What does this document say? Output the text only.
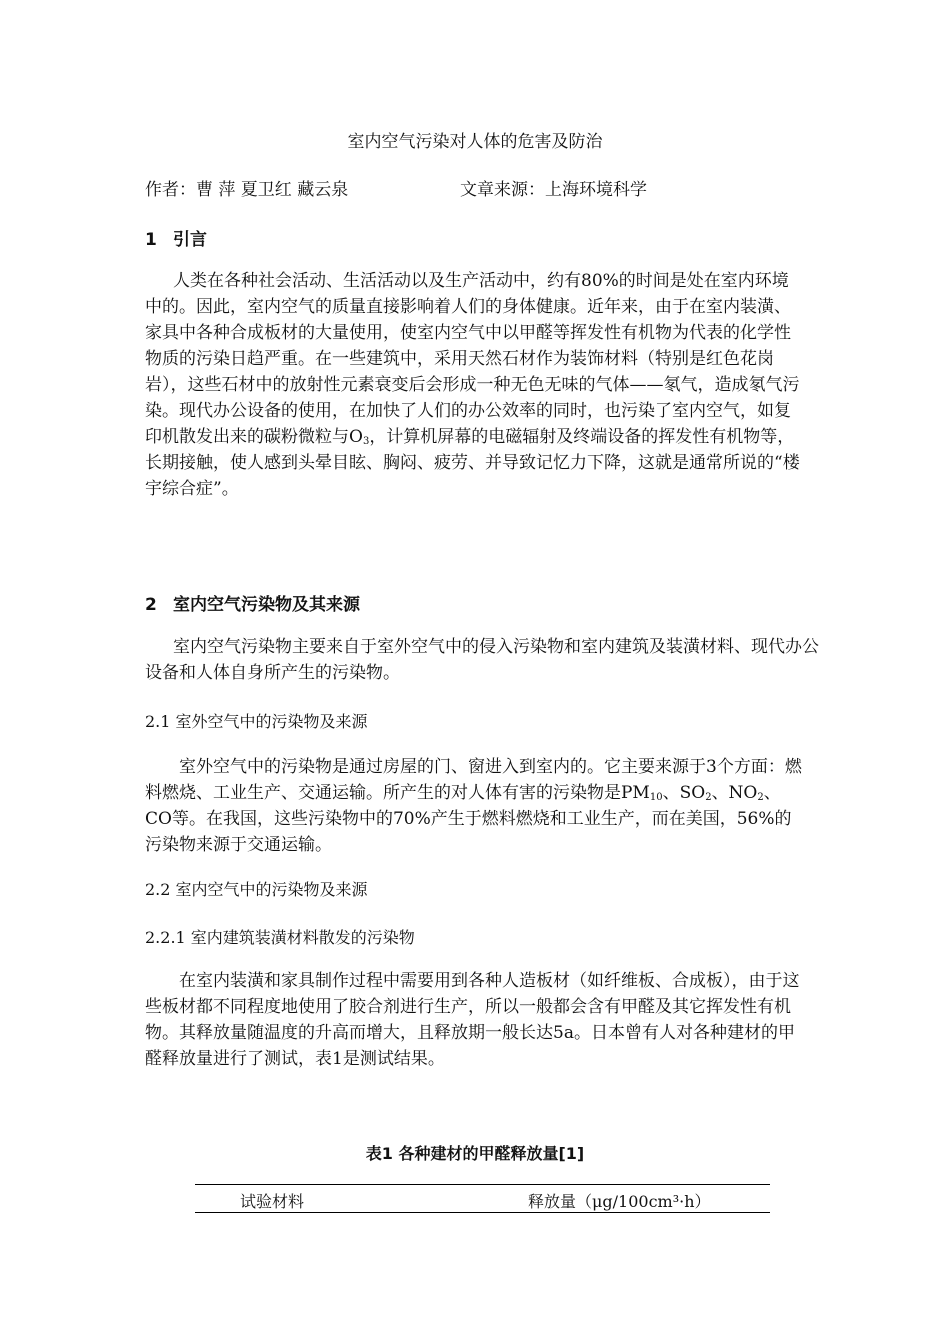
室内空气污染对人体的危害及防治
作者：曹 萍 夏卫红 藏云泉	文章来源：上海环境科学
1 引言

人类在各种社会活动、生活活动以及生产活动中，约有80%的时间是处在室内环境中的。因此，室内空气的质量直接影响着人们的身体健康。近年来，由于在室内装潢、家具中各种合成板材的大量使用，使室内空气中以甲醛等挥发性有机物为代表的化学性物质的污染日趋严重。在一些建筑中，采用天然石材作为装饰材料（特别是红色花岗岩），这些石材中的放射性元素衰变后会形成一种无色无味的气体——氡气，造成氡气污染。现代办公设备的使用，在加快了人们的办公效率的同时，也污染了室内空气，如复印机散发出来的碳粉微粒与$O_3$，计算机屏幕的电磁辐射及终端设备的挥发性有机物等，长期接触，使人感到头晕目眩、胸闷、疲劳、并导致记忆力下降，这就是通常所说的“楼宇综合症”。

2 室内空气污染物及其来源

室内空气污染物主要来自于室外空气中的侵入污染物和室内建筑及装潢材料、现代办公设备和人体自身所产生的污染物。

2.1 室外空气中的污染物及来源

室外空气中的污染物是通过房屋的门、窗进入到室内的。它主要来源于3个方面：燃料燃烧、工业生产、交通运输。所产生的对人体有害的污染物是$PM_{10}$、$SO_2$、$NO_2$、CO等。在我国，这些污染物中的70%产生于燃料燃烧和工业生产，而在美国，56%的污染物来源于交通运输。

2.2 室内空气中的污染物及来源
2.2.1 室内建筑装潢材料散发的污染物

在室内装潢和家具制作过程中需要用到各种人造板材（如纤维板、合成板），由于这些板材都不同程度地使用了胶合剂进行生产，所以一般都会含有甲醛及其它挥发性有机物。其释放量随温度的升高而增大，且释放期一般长达5a。日本曾有人对各种建材的甲醛释放量进行了测试，表1是测试结果。

表1 各种建材的甲醛释放量[1]
试验材料	释放量（μg/100cm³·h）
